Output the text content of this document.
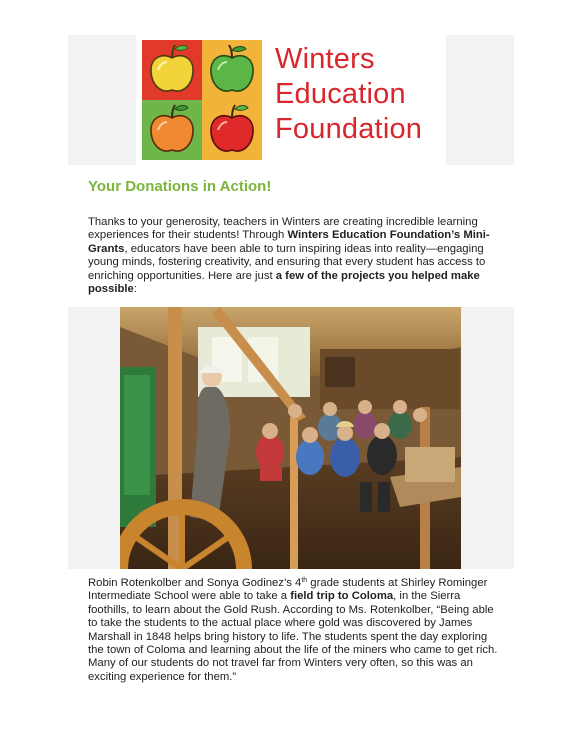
Winters
Education
Foundation
Your Donations in Action!

Thanks to your generosity, teachers in Winters are creating incredible learning experiences for their students! Through Winters Education Foundation’s Mini-Grants, educators have been able to turn inspiring ideas into reality—engaging young minds, fostering creativity, and ensuring that every student has access to enriching opportunities. Here are just a few of the projects you helped make possible:

Robin Rotenkolber and Sonya Godinez’s 4th grade students at Shirley Rominger Intermediate School were able to take a field trip to Coloma, in the Sierra foothills, to learn about the Gold Rush. According to Ms. Rotenkolber, “Being able to take the students to the actual place where gold was discovered by James Marshall in 1848 helps bring history to life. The students spent the day exploring the town of Coloma and learning about the life of the miners who came to get rich. Many of our students do not travel far from Winters very often, so this was an exciting experience for them.”
